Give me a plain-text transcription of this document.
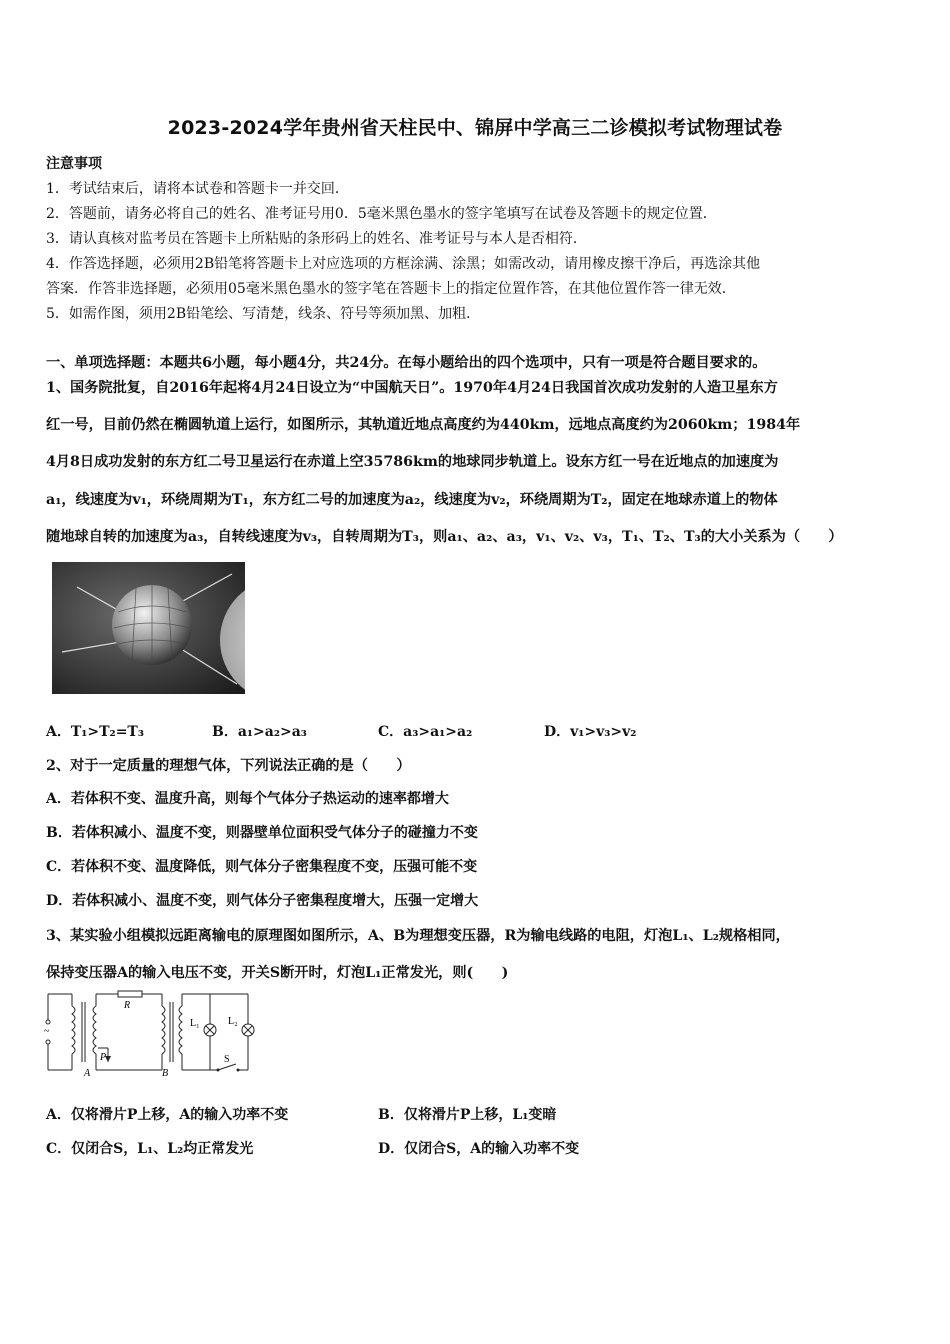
2023-2024学年贵州省天柱民中、锦屏中学高三二诊模拟考试物理试卷
注意事项
1．考试结束后，请将本试卷和答题卡一并交回．
2．答题前，请务必将自己的姓名、准考证号用0．5毫米黑色墨水的签字笔填写在试卷及答题卡的规定位置．
3．请认真核对监考员在答题卡上所粘贴的条形码上的姓名、准考证号与本人是否相符．
4．作答选择题，必须用2B铅笔将答题卡上对应选项的方框涂满、涂黑；如需改动，请用橡皮擦干净后，再选涂其他
答案．作答非选择题，必须用05毫米黑色墨水的签字笔在答题卡上的指定位置作答，在其他位置作答一律无效．
5．如需作图，须用2B铅笔绘、写清楚，线条、符号等须加黑、加粗．
一、单项选择题：本题共6小题，每小题4分，共24分。在每小题给出的四个选项中，只有一项是符合题目要求的。
1、国务院批复，自2016年起将4月24日设立为“中国航天日”。1970年4月24日我国首次成功发射的人造卫星东方
红一号，目前仍然在椭圆轨道上运行，如图所示，其轨道近地点高度约为440km，远地点高度约为2060km；1984年
4月8日成功发射的东方红二号卫星运行在赤道上空35786km的地球同步轨道上。设东方红一号在近地点的加速度为
a₁，线速度为v₁，环绕周期为T₁，东方红二号的加速度为a₂，线速度为v₂，环绕周期为T₂，固定在地球赤道上的物体
随地球自转的加速度为a₃，自转线速度为v₃，自转周期为T₃，则a₁、a₂、a₃，v₁、v₂、v₃，T₁、T₂、T₃的大小关系为（　　）
A．T₁>T₂=T₃	B．a₁>a₂>a₃	C．a₃>a₁>a₂	D．v₁>v₃>v₂
2、对于一定质量的理想气体，下列说法正确的是（　　）
A．若体积不变、温度升高，则每个气体分子热运动的速率都增大
B．若体积减小、温度不变，则器壁单位面积受气体分子的碰撞力不变
C．若体积不变、温度降低，则气体分子密集程度不变，压强可能不变
D．若体积减小、温度不变，则气体分子密集程度增大，压强一定增大
3、某实验小组模拟远距离输电的原理图如图所示，A、B为理想变压器，R为输电线路的电阻，灯泡L₁、L₂规格相同，
保持变压器A的输入电压不变，开关S断开时，灯泡L₁正常发光，则(　　)
~
R
P
A	B
L₁	L₂
S
A．仅将滑片P上移，A的输入功率不变	B．仅将滑片P上移，L₁变暗
C．仅闭合S，L₁、L₂均正常发光	D．仅闭合S，A的输入功率不变
